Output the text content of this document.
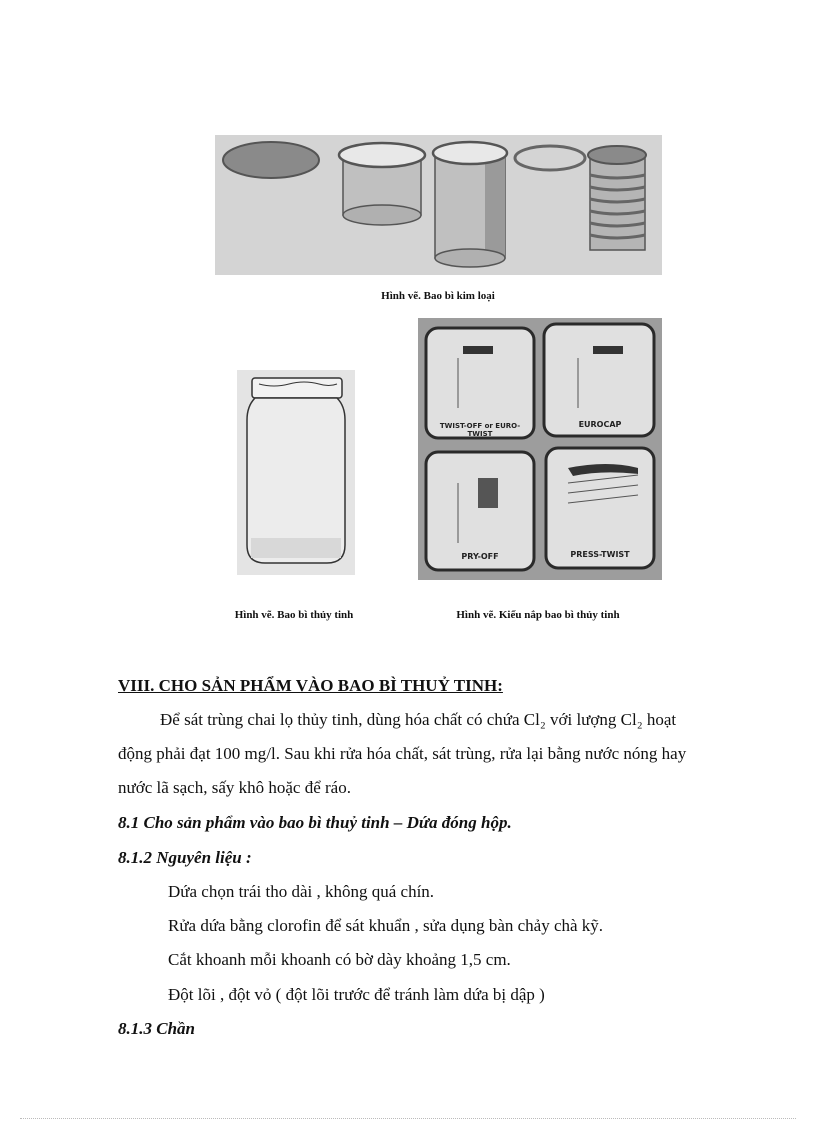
Hình vẽ. Bao bì kim loại
Hình vẽ. Bao bì thủy tinh
TWIST-OFF or EURO-TWIST
EUROCAP
PRY-OFF	PRESS-TWIST
Hình vẽ. Kiểu nắp bao bì thủy tinh
VIII. CHO SẢN PHẨM VÀO BAO BÌ THUỶ TINH:
Để sát trùng chai lọ thủy tinh, dùng hóa chất có chứa Cl₂ với lượng Cl₂ hoạt
động phải đạt 100 mg/l. Sau khi rửa hóa chất, sát trùng, rửa lại bằng nước nóng hay
nước lã sạch, sấy khô hoặc để ráo.
8.1 Cho sản phẩm vào bao bì thuỷ tinh – Dứa đóng hộp.
8.1.2 Nguyên liệu :
Dứa chọn trái tho dài , không quá chín.
Rửa dứa bằng clorofin để sát khuẩn , sửa dụng bàn chảy chà kỹ.
Cắt khoanh mỗi khoanh có bờ dày khoảng 1,5 cm.
Đột lõi , đột vỏ ( đột lõi trước để tránh làm dứa bị dập )
8.1.3 Chần
